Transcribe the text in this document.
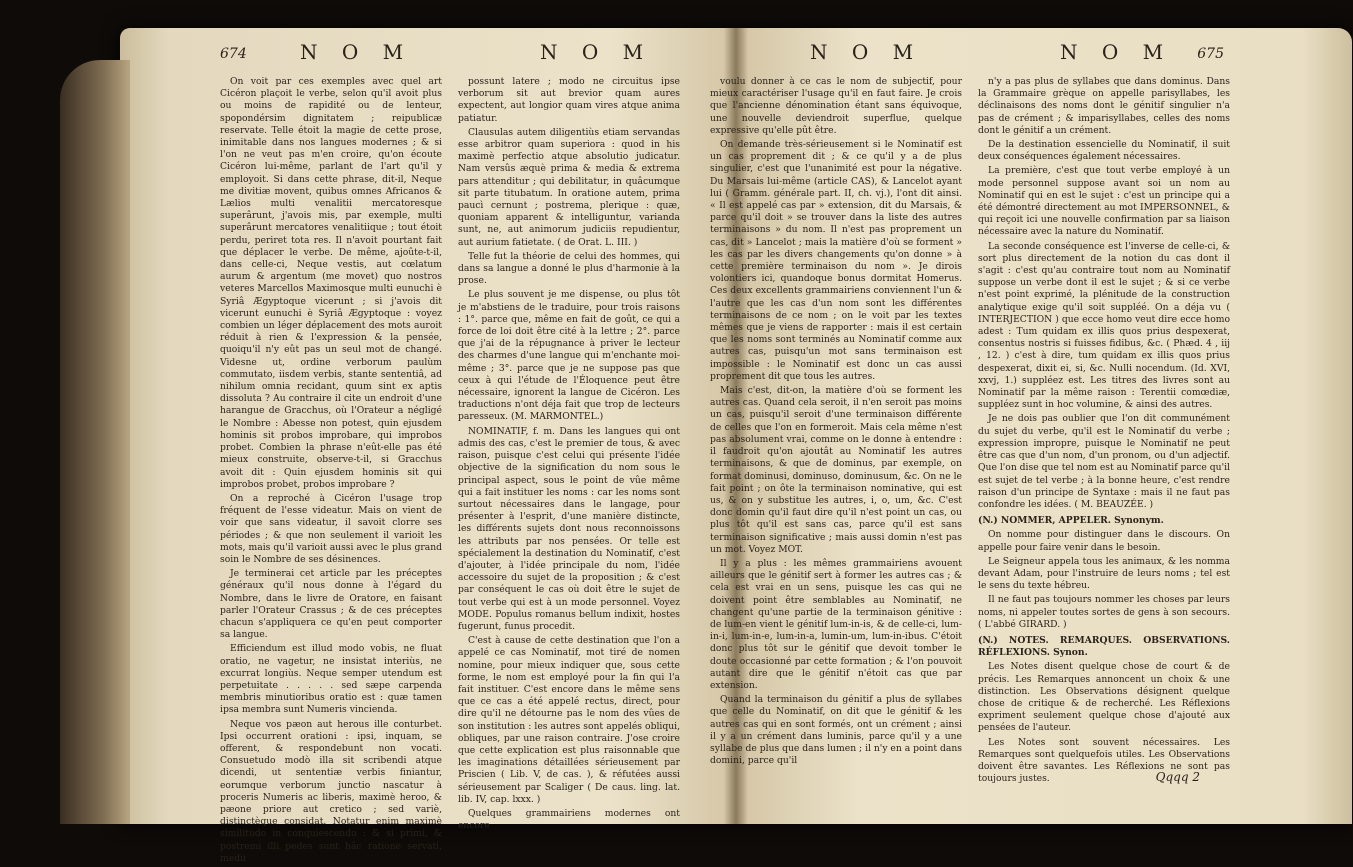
674	N O M	N O M

On voit par ces exemples avec quel art Cicéron plaçoit le verbe, selon qu'il avoit plus ou moins de rapidité ou de lenteur, spopondérsim dignitatem ; reipublicæ reservate. Telle étoit la magie de cette prose, inimitable dans nos langues modernes ; & si l'on ne veut pas m'en croire, qu'on écoute Cicéron lui-même, parlant de l'art qu'il y employoit. Si dans cette phrase, dit-il, Neque me divitiæ movent, quibus omnes Africanos & Lælios multi venalitii mercatoresque superârunt, j'avois mis, par exemple, multi superârunt mercatores venalitiique ; tout étoit perdu, periret tota res. Il n'avoit pourtant fait que déplacer le verbe. De même, ajoûte-t-il, dans celle-ci, Neque vestis, aut cœlatum aurum & argentum (me movet) quo nostros veteres Marcellos Maximosque multi eunuchi è Syriâ Ægyptoque vicerunt ; si j'avois dit vicerunt eunuchi è Syriâ Ægyptoque : voyez combien un léger déplacement des mots auroit réduit à rien & l'expression & la pensée, quoiqu'il n'y eût pas un seul mot de changé. Videsne ut, ordine verborum paulùm commutato, iisdem verbis, stante sententiâ, ad nihilum omnia recidant, quum sint ex aptis dissoluta ? Au contraire il cite un endroit d'une harangue de Gracchus, où l'Orateur a négligé le Nombre : Abesse non potest, quin ejusdem hominis sit probos improbare, qui improbos probet. Combien la phrase n'eût-elle pas été mieux construite, observe-t-il, si Gracchus avoit dit : Quin ejusdem hominis sit qui improbos probet, probos improbare ?

On a reproché à Cicéron l'usage trop fréquent de l'esse videatur. Mais on vient de voir que sans videatur, il savoit clorre ses périodes ; & que non seulement il varioit les mots, mais qu'il varioit aussi avec le plus grand soin le Nombre de ses désinences.

Je terminerai cet article par les préceptes généraux qu'il nous donne à l'égard du Nombre, dans le livre de Oratore, en faisant parler l'Orateur Crassus ; & de ces préceptes chacun s'appliquera ce qu'en peut comporter sa langue.

Efficiendum est illud modo vobis, ne fluat oratio, ne vagetur, ne insistat interiùs, ne excurrat longiùs. Neque semper utendum est perpetuitate . . . . . sed sæpe carpenda membris minutioribus oratio est : quæ tamen ipsa membra sunt Numeris vincienda.

Neque vos pæon aut herous ille conturbet. Ipsi occurrent orationi : ipsi, inquam, se offerent, & respondebunt non vocati. Consuetudo modò illa sit scribendi atque dicendi, ut sententiæ verbis finiantur, eorumque verborum junctio nascatur à proceris Numeris ac liberis, maximè heroo, & pæone priore aut cretico ; sed variè, distinctèque considat. Notatur enim maximè similitudo in conquiescendo : & si primi, & postremi illi pedes sunt hâc ratione servati, medii

possunt latere ; modo ne circuitus ipse verborum sit aut brevior quam aures expectent, aut longior quam vires atque anima patiatur.

Clausulas autem diligentiùs etiam servandas esse arbitror quam superiora : quod in his maximè perfectio atque absolutio judicatur. Nam versûs æquè prima & media & extrema pars attenditur ; qui debilitatur, in quâcumque sit parte titubatum. In oratione autem, prima paucì cernunt ; postrema, plerique : quæ, quoniam apparent & intelliguntur, varianda sunt, ne, aut animorum judiciis repudientur, aut aurium fatietate. ( de Orat. L. III. )

Telle fut la théorie de celui des hommes, qui dans sa langue a donné le plus d'harmonie à la prose.

Le plus souvent je me dispense, ou plus tôt je m'abstiens de le traduire, pour trois raisons : 1°. parce que, même en fait de goût, ce qui a force de loi doit être cité à la lettre ; 2°. parce que j'ai de la répugnance à priver le lecteur des charmes d'une langue qui m'enchante moi-même ; 3°. parce que je ne suppose pas que ceux à qui l'étude de l'Éloquence peut être nécessaire, ignorent la langue de Cicéron. Les traductions n'ont déja fait que trop de lecteurs paresseux. (M. MARMONTEL.)

NOMINATIF, f. m. Dans les langues qui ont admis des cas, c'est le premier de tous, & avec raison, puisque c'est celui qui présente l'idée objective de la signification du nom sous le principal aspect, sous le point de vûe même qui a fait instituer les noms : car les noms sont surtout nécessaires dans le langage, pour présenter à l'esprit, d'une manière distincte, les différents sujets dont nous reconnoissons les attributs par nos pensées. Or telle est spécialement la destination du Nominatif, c'est d'ajouter, à l'idée principale du nom, l'idée accessoire du sujet de la proposition ; & c'est par conséquent le cas où doit être le sujet de tout verbe qui est à un mode personnel. Voyez MODE. Populus romanus bellum indixit, hostes fugerunt, funus procedit.

C'est à cause de cette destination que l'on a appelé ce cas Nominatif, mot tiré de nomen nomine, pour mieux indiquer que, sous cette forme, le nom est employé pour la fin qui l'a fait instituer. C'est encore dans le même sens que ce cas a été appelé rectus, direct, pour dire qu'il ne détourne pas le nom des vûes de son institution : les autres sont appelés obliqui, obliques, par une raison contraire. J'ose croire que cette explication est plus raisonnable que les imaginations détaillées sérieusement par Priscien ( Lib. V, de cas. ), & réfutées aussi sérieusement par Scaliger ( De caus. ling. lat. lib. IV, cap. lxxx. )

Quelques grammairiens modernes ont encore

N O M	N O M 675

voulu donner à ce cas le nom de subjectif, pour mieux caractériser l'usage qu'il en faut faire. Je crois que l'ancienne dénomination étant sans équivoque, une nouvelle deviendroit superflue, quelque expressive qu'elle pût être.

On demande très-sérieusement si le Nominatif est un cas proprement dit ; & ce qu'il y a de plus singulier, c'est que l'unanimité est pour la négative. Du Marsais lui-même (article CAS), & Lancelot ayant lui ( Gramm. générale part. II, ch. vj.), l'ont dit ainsi. « Il est appelé cas par » extension, dit du Marsais, & parce qu'il doit » se trouver dans la liste des autres terminaisons » du nom. Il n'est pas proprement un cas, dit » Lancelot ; mais la matière d'où se forment » les cas par les divers changements qu'on donne » à cette première terminaison du nom ». Je dirois volontiers ici, quandoque bonus dormitat Homerus. Ces deux excellents grammairiens conviennent l'un & l'autre que les cas d'un nom sont les différentes terminaisons de ce nom ; on le voit par les textes mêmes que je viens de rapporter : mais il est certain que les noms sont terminés au Nominatif comme aux autres cas, puisqu'un mot sans terminaison est impossible : le Nominatif est donc un cas aussi proprement dit que tous les autres.

Mais c'est, dit-on, la matière d'où se forment les autres cas. Quand cela seroit, il n'en seroit pas moins un cas, puisqu'il seroit d'une terminaison différente de celles que l'on en formeroit. Mais cela même n'est pas absolument vrai, comme on le donne à entendre : il faudroit qu'on ajoutât au Nominatif les autres terminaisons, & que de dominus, par exemple, on format dominusi, dominuso, dominusum, &c. On ne le fait point ; on ôte la terminaison nominative, qui est us, & on y substitue les autres, i, o, um, &c. C'est donc domin qu'il faut dire qu'il n'est point un cas, ou plus tôt qu'il est sans cas, parce qu'il est sans terminaison significative ; mais aussi domin n'est pas un mot. Voyez MOT.

Il y a plus : les mêmes grammairiens avouent ailleurs que le génitif sert à former les autres cas ; & cela est vrai en un sens, puisque les cas qui ne doivent point être semblables au Nominatif, ne changent qu'une partie de la terminaison génitive : de lum-en vient le génitif lum-in-is, & de celle-ci, lum-in-i, lum-in-e, lum-in-a, lumin-um, lum-in-ibus. C'étoit donc plus tôt sur le génitif que devoit tomber le doute occasionné par cette formation ; & l'on pouvoit autant dire que le génitif n'étoit cas que par extension.

Quand la terminaison du génitif a plus de syllabes que celle du Nominatif, on dit que le génitif & les autres cas qui en sont formés, ont un crément ; ainsi il y a un crément dans luminis, parce qu'il y a une syllabe de plus que dans lumen ; il n'y en a point dans domini, parce qu'il

n'y a pas plus de syllabes que dans dominus. Dans la Grammaire grèque on appelle parisyllabes, les déclinaisons des noms dont le génitif singulier n'a pas de crément ; & imparisyllabes, celles des noms dont le génitif a un crément.

De la destination essencielle du Nominatif, il suit deux conséquences également nécessaires.

La première, c'est que tout verbe employé à un mode personnel suppose avant soi un nom au Nominatif qui en est le sujet : c'est un principe qui a été démontré directement au mot IMPERSONNEL, & qui reçoit ici une nouvelle confirmation par sa liaison nécessaire avec la nature du Nominatif.

La seconde conséquence est l'inverse de celle-ci, & sort plus directement de la notion du cas dont il s'agit : c'est qu'au contraire tout nom au Nominatif suppose un verbe dont il est le sujet ; & si ce verbe n'est point exprimé, la plénitude de la construction analytique exige qu'il soit suppléé. On a déja vu ( INTERJECTION ) que ecce homo veut dire ecce homo adest : Tum quidam ex illis quos prius despexerat, consentus nostris si fuisses fidibus, &c. ( Phæd. 4 , iij , 12. ) c'est à dire, tum quidam ex illis quos prius despexerat, dixit ei, si, &c. Nulli nocendum. (Id. XVI, xxvj, 1.) suppléez est. Les titres des livres sont au Nominatif par la même raison : Terentii comœdiæ, suppléez sunt in hoc volumine, & ainsi des autres.

Je ne dois pas oublier que l'on dit communément du sujet du verbe, qu'il est le Nominatif du verbe ; expression impropre, puisque le Nominatif ne peut être cas que d'un nom, d'un pronom, ou d'un adjectif. Que l'on dise que tel nom est au Nominatif parce qu'il est sujet de tel verbe ; à la bonne heure, c'est rendre raison d'un principe de Syntaxe : mais il ne faut pas confondre les idées. ( M. BEAUZÉE. )

(N.) NOMMER, APPELER. Synonym.

On nomme pour distinguer dans le discours. On appelle pour faire venir dans le besoin.

Le Seigneur appela tous les animaux, & les nomma devant Adam, pour l'instruire de leurs noms ; tel est le sens du texte hébreu.

Il ne faut pas toujours nommer les choses par leurs noms, ni appeler toutes sortes de gens à son secours. ( L'abbé GIRARD. )

(N.) NOTES. REMARQUES. OBSERVATIONS. RÉFLEXIONS. Synon.

Les Notes disent quelque chose de court & de précis. Les Remarques annoncent un choix & une distinction. Les Observations désignent quelque chose de critique & de recherché. Les Réflexions expriment seulement quelque chose d'ajouté aux pensées de l'auteur.

Les Notes sont souvent nécessaires. Les Remarques sont quelquefois utiles. Les Observations doivent être savantes. Les Réflexions ne sont pas toujours justes.	Qqqq 2
